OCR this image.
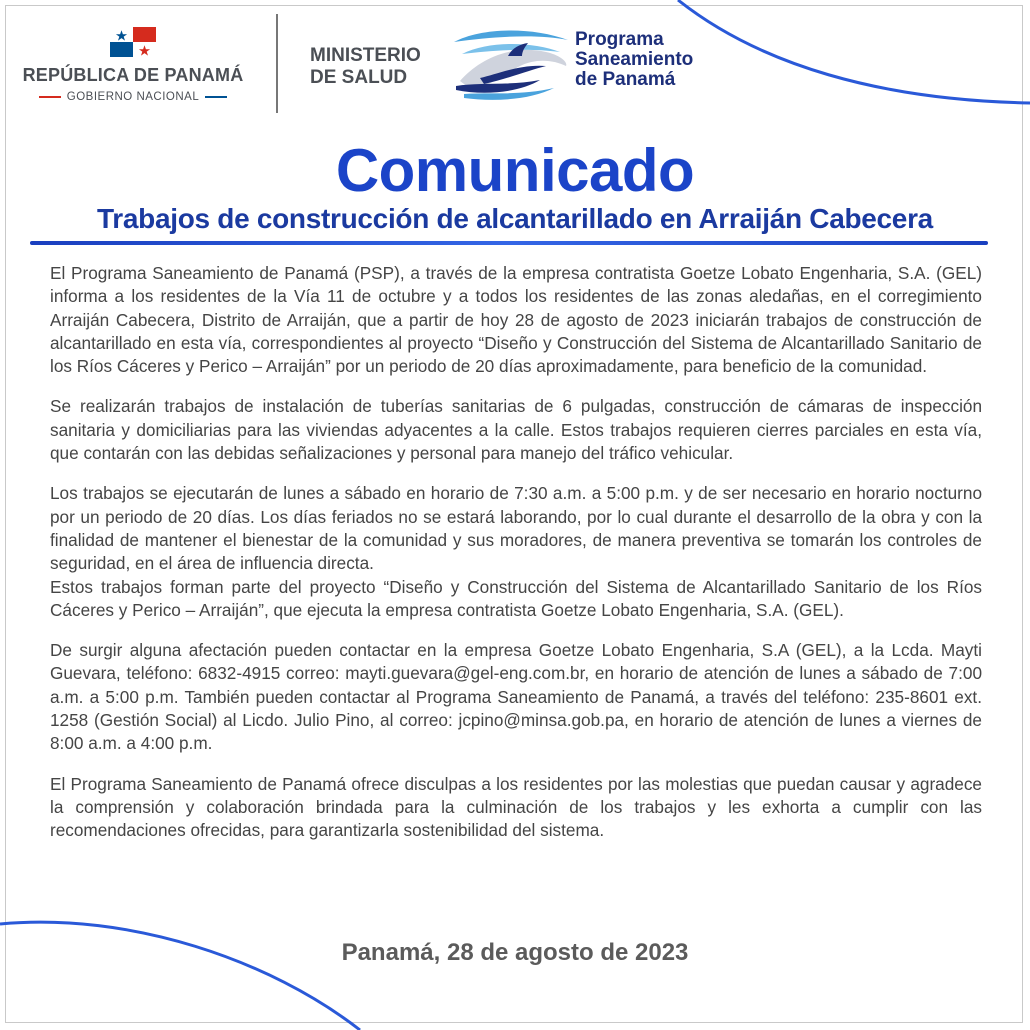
REPÚBLICA DE PANAMÁ
GOBIERNO NACIONAL
MINISTERIO
DE SALUD
Programa
Saneamiento
de Panamá
Comunicado
Trabajos de construcción de alcantarillado en Arraiján Cabecera

El Programa Saneamiento de Panamá (PSP), a través de la empresa contratista Goetze Lobato Engenharia, S.A. (GEL) informa a los residentes de la Vía 11 de octubre y a todos los residentes de las zonas aledañas, en el corregimiento Arraiján Cabecera, Distrito de Arraiján, que a partir de hoy 28 de agosto de 2023 iniciarán trabajos de construcción de alcantarillado en esta vía, correspondientes al proyecto “Diseño y Construcción del Sistema de Alcantarillado Sanitario de los Ríos Cáceres y Perico – Arraiján” por un periodo de 20 días aproximadamente, para beneficio de la comunidad.

Se realizarán trabajos de instalación de tuberías sanitarias de 6 pulgadas, construcción de cámaras de inspección sanitaria y domiciliarias para las viviendas adyacentes a la calle. Estos trabajos requieren cierres parciales en esta vía, que contarán con las debidas señalizaciones y personal para manejo del tráfico vehicular.

Los trabajos se ejecutarán de lunes a sábado en horario de 7:30 a.m. a 5:00 p.m. y de ser necesario en horario nocturno por un periodo de 20 días. Los días feriados no se estará laborando, por lo cual durante el desarrollo de la obra y con la finalidad de mantener el bienestar de la comunidad y sus moradores, de manera preventiva se tomarán los controles de seguridad, en el área de influencia directa.

Estos trabajos forman parte del proyecto “Diseño y Construcción del Sistema de Alcantarillado Sanitario de los Ríos Cáceres y Perico – Arraiján”, que ejecuta la empresa contratista Goetze Lobato Engenharia, S.A. (GEL).

De surgir alguna afectación pueden contactar en la empresa Goetze Lobato Engenharia, S.A (GEL), a la Lcda. Mayti Guevara, teléfono: 6832-4915 correo: mayti.guevara@gel-eng.com.br, en horario de atención de lunes a sábado de 7:00 a.m. a 5:00 p.m. También pueden contactar al Programa Saneamiento de Panamá, a través del teléfono: 235-8601 ext. 1258 (Gestión Social) al Licdo. Julio Pino, al correo: jcpino@minsa.gob.pa, en horario de atención de lunes a viernes de 8:00 a.m. a 4:00 p.m.

El Programa Saneamiento de Panamá ofrece disculpas a los residentes por las molestias que puedan causar y agradece la comprensión y colaboración brindada para la culminación de los trabajos y les exhorta a cumplir con las recomendaciones ofrecidas, para garantizarla sostenibilidad del sistema.

Panamá, 28 de agosto de 2023
